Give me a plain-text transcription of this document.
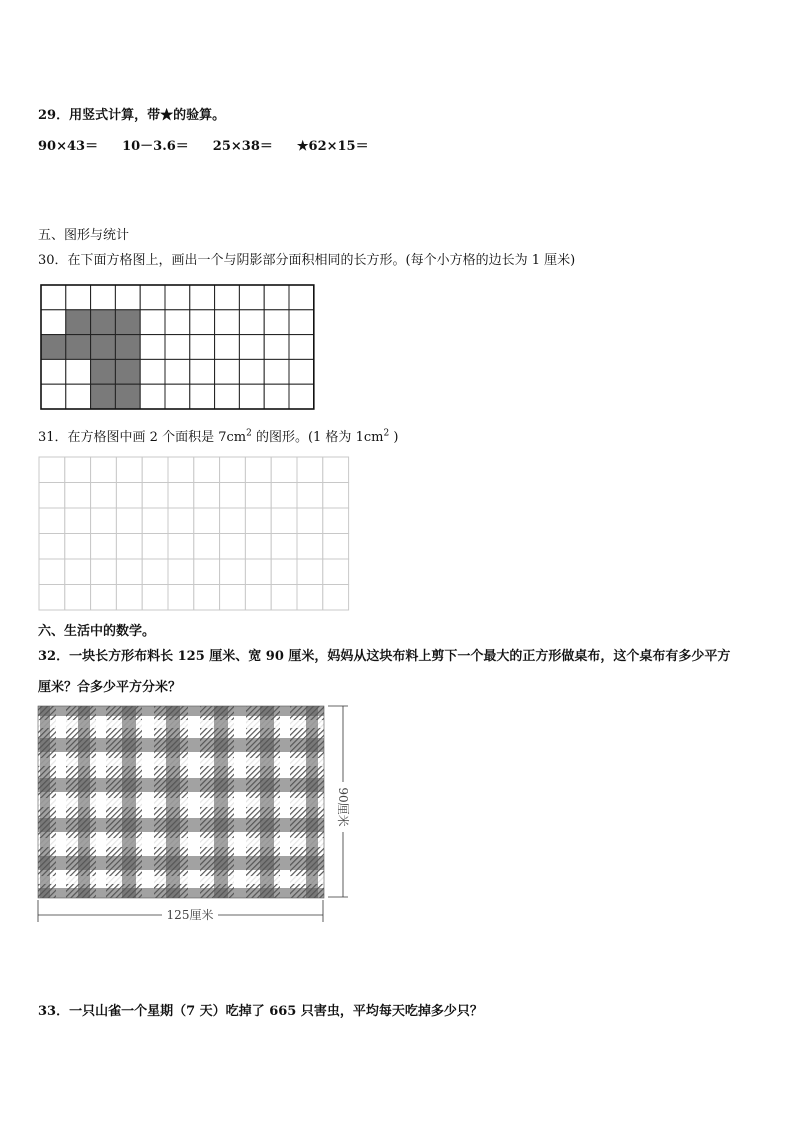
29．用竖式计算，带★的验算。
90×43＝ 10－3.6＝ 25×38＝ ★62×15＝
五、图形与统计
30．在下面方格图上，画出一个与阴影部分面积相同的长方形。(每个小方格的边长为 1 厘米)
31．在方格图中画 2 个面积是 $7cm^2$ 的图形。(1 格为 $1cm^2$ )
六、生活中的数学。
32．一块长方形布料长 125 厘米、宽 90 厘米，妈妈从这块布料上剪下一个最大的正方形做桌布，这个桌布有多少平方
厘米？合多少平方分米？
90厘米
125厘米
33．一只山雀一个星期（7 天）吃掉了 665 只害虫，平均每天吃掉多少只？
